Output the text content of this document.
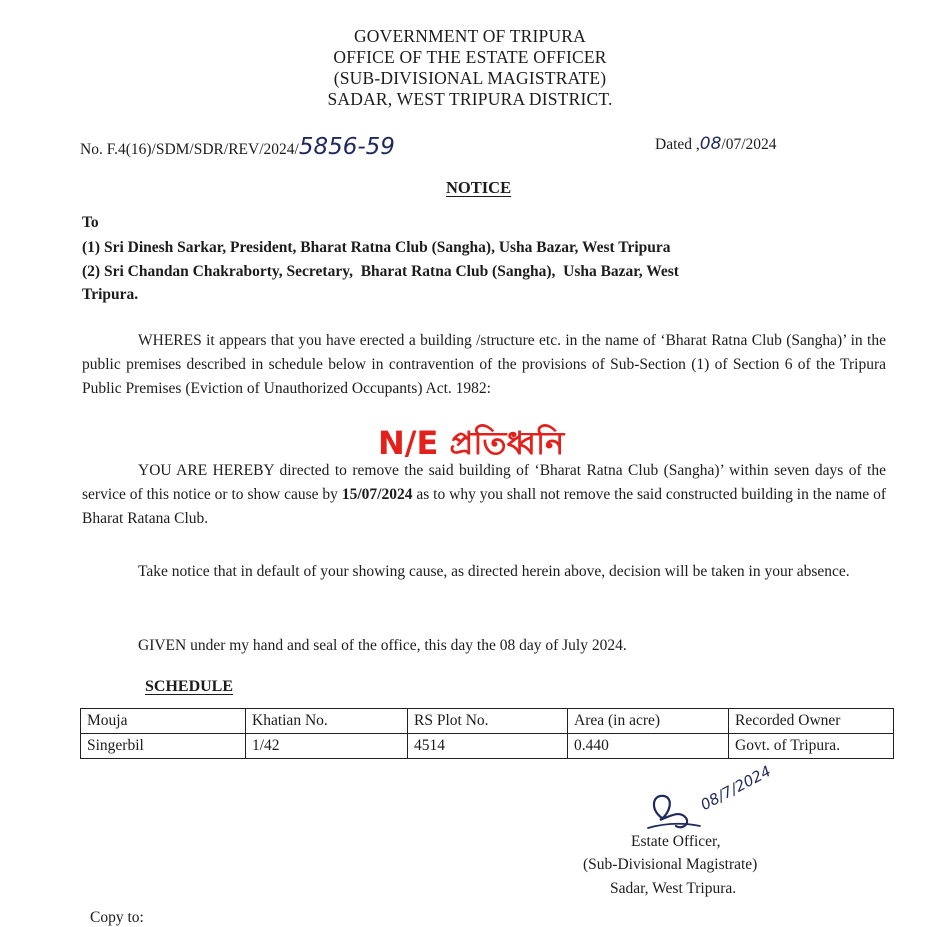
GOVERNMENT OF TRIPURA
OFFICE OF THE ESTATE OFFICER
(SUB-DIVISIONAL MAGISTRATE)
SADAR, WEST TRIPURA DISTRICT.
No. F.4(16)/SDM/SDR/REV/2024/5856-59	Dated ,08/07/2024
NOTICE
To
(1) Sri Dinesh Sarkar, President, Bharat Ratna Club (Sangha), Usha Bazar, West Tripura
(2) Sri Chandan Chakraborty, Secretary,  Bharat Ratna Club (Sangha),  Usha Bazar, West
Tripura.
WHERES it appears that you have erected a building /structure etc. in the name of ‘Bharat Ratna Club (Sangha)’ in the public premises described in schedule below in contravention of the provisions of Sub-Section (1) of Section 6 of the Tripura Public Premises (Eviction of Unauthorized Occupants) Act. 1982:
N/E প্রতিধ্বনি
YOU ARE HEREBY directed to remove the said building of ‘Bharat Ratna Club (Sangha)’ within seven days of the service of this notice or to show cause by 15/07/2024 as to why you shall not remove the said constructed building in the name of Bharat Ratana Club.
Take notice that in default of your showing cause, as directed herein above, decision will be taken in your absence.
GIVEN under my hand and seal of the office, this day the 08 day of July 2024.
SCHEDULE
Mouja	Khatian No.	RS Plot No.	Area (in acre)	Recorded Owner
Singerbil	1/42	4514	0.440	Govt. of Tripura.
08/7/2024
Estate Officer,
(Sub-Divisional Magistrate)
Sadar, West Tripura.
Copy to:
